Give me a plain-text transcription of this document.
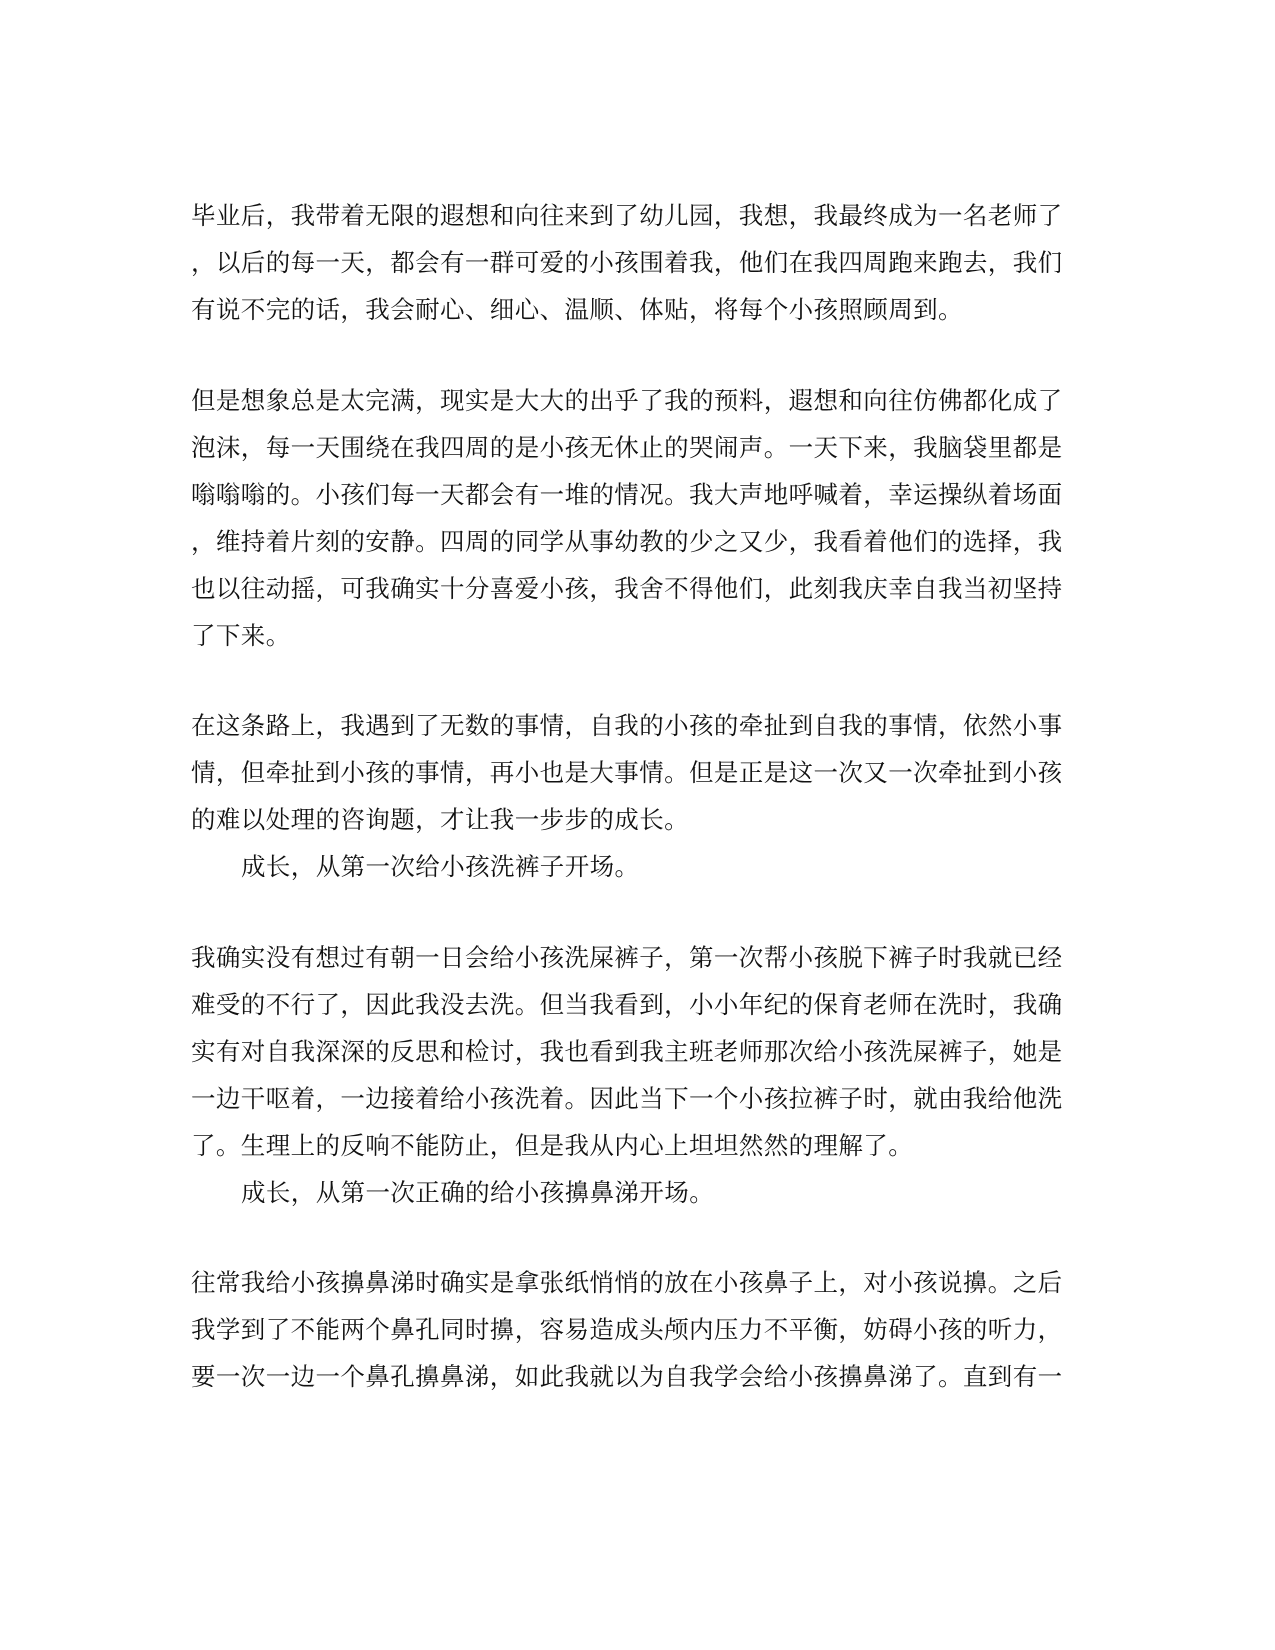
毕业后，我带着无限的遐想和向往来到了幼儿园，我想，我最终成为一名老师了
，以后的每一天，都会有一群可爱的小孩围着我，他们在我四周跑来跑去，我们
有说不完的话，我会耐心、细心、温顺、体贴，将每个小孩照顾周到。
但是想象总是太完满，现实是大大的出乎了我的预料，遐想和向往仿佛都化成了
泡沫，每一天围绕在我四周的是小孩无休止的哭闹声。一天下来，我脑袋里都是
嗡嗡嗡的。小孩们每一天都会有一堆的情况。我大声地呼喊着，幸运操纵着场面
，维持着片刻的安静。四周的同学从事幼教的少之又少，我看着他们的选择，我
也以往动摇，可我确实十分喜爱小孩，我舍不得他们，此刻我庆幸自我当初坚持
了下来。
在这条路上，我遇到了无数的事情，自我的小孩的牵扯到自我的事情，依然小事
情，但牵扯到小孩的事情，再小也是大事情。但是正是这一次又一次牵扯到小孩
的难以处理的咨询题，才让我一步步的成长。
成长，从第一次给小孩洗裤子开场。
我确实没有想过有朝一日会给小孩洗屎裤子，第一次帮小孩脱下裤子时我就已经
难受的不行了，因此我没去洗。但当我看到，小小年纪的保育老师在洗时，我确
实有对自我深深的反思和检讨，我也看到我主班老师那次给小孩洗屎裤子，她是
一边干呕着，一边接着给小孩洗着。因此当下一个小孩拉裤子时，就由我给他洗
了。生理上的反响不能防止，但是我从内心上坦坦然然的理解了。
成长，从第一次正确的给小孩擤鼻涕开场。
往常我给小孩擤鼻涕时确实是拿张纸悄悄的放在小孩鼻子上，对小孩说擤。之后
我学到了不能两个鼻孔同时擤，容易造成头颅内压力不平衡，妨碍小孩的听力，
要一次一边一个鼻孔擤鼻涕，如此我就以为自我学会给小孩擤鼻涕了。直到有一
